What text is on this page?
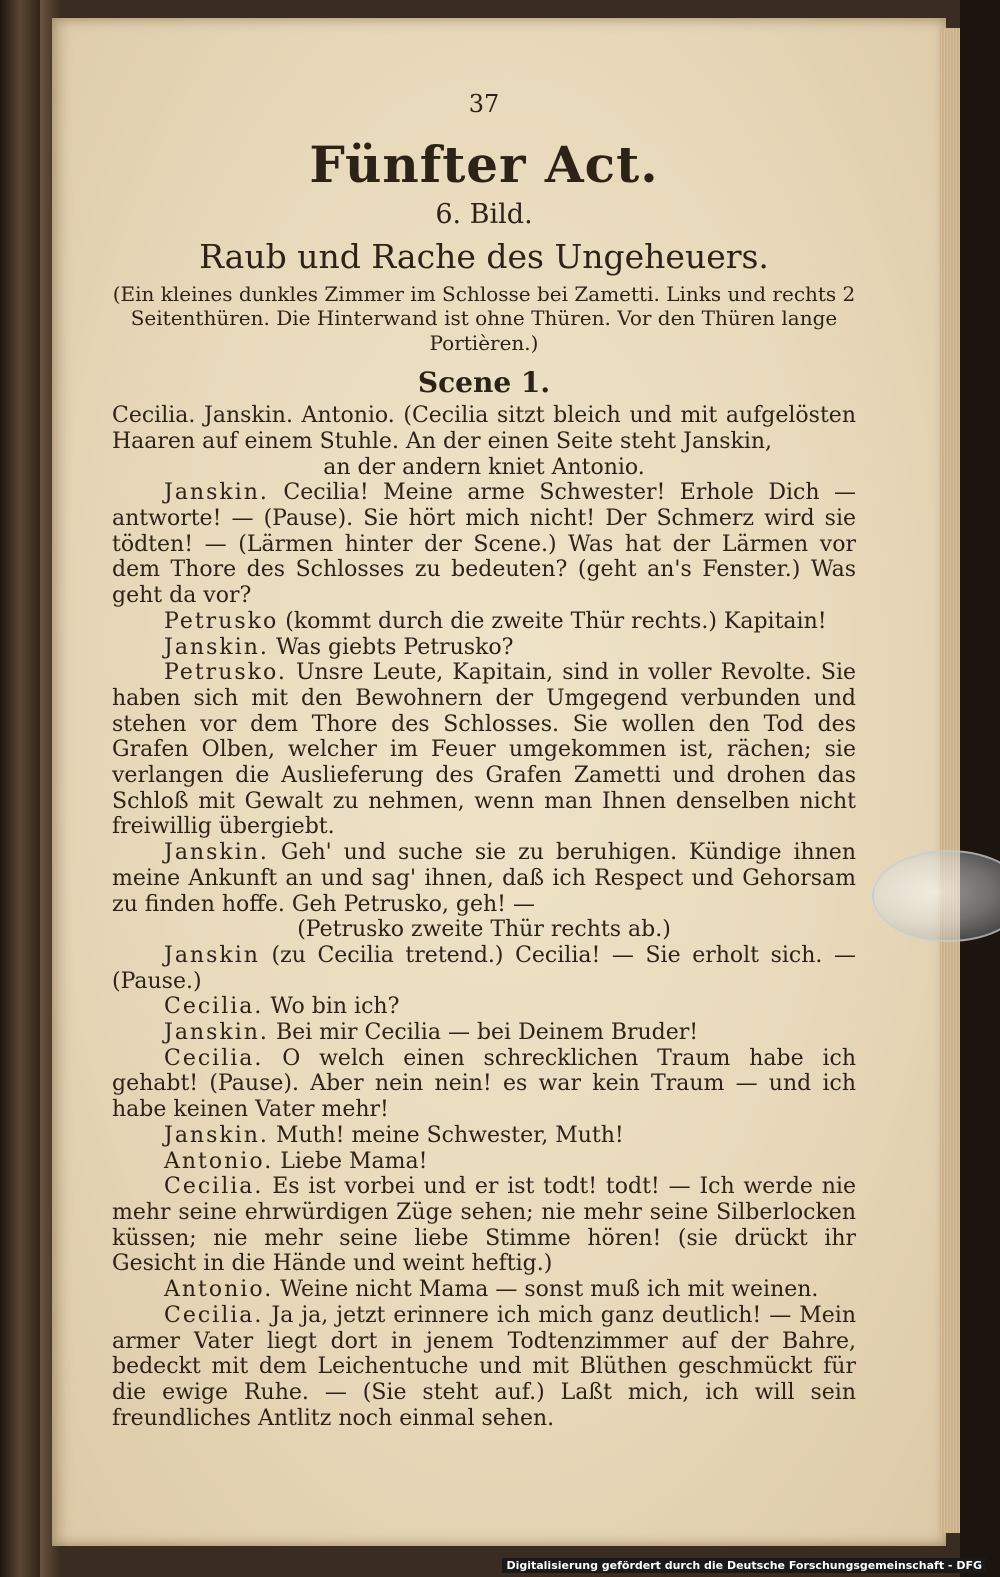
37
Fünfter Act.
6. Bild.
Raub und Rache des Ungeheuers.
(Ein kleines dunkles Zimmer im Schlosse bei Zametti. Links und rechts 2 Seitenthüren. Die Hinterwand ist ohne Thüren. Vor den Thüren lange Portièren.)
Scene 1.

Cecilia. Janskin. Antonio. (Cecilia sitzt bleich und mit aufgelösten Haaren auf einem Stuhle. An der einen Seite steht Janskin,

an der andern kniet Antonio.

Janskin. Cecilia! Meine arme Schwester! Erhole Dich — antworte! — (Pause). Sie hört mich nicht! Der Schmerz wird sie tödten! — (Lärmen hinter der Scene.) Was hat der Lärmen vor dem Thore des Schlosses zu bedeuten? (geht an's Fenster.) Was geht da vor?

Petrusko (kommt durch die zweite Thür rechts.) Kapitain!

Janskin. Was giebts Petrusko?

Petrusko. Unsre Leute, Kapitain, sind in voller Revolte. Sie haben sich mit den Bewohnern der Umgegend verbunden und stehen vor dem Thore des Schlosses. Sie wollen den Tod des Grafen Olben, welcher im Feuer umgekommen ist, rächen; sie verlangen die Auslieferung des Grafen Zametti und drohen das Schloß mit Gewalt zu nehmen, wenn man Ihnen denselben nicht freiwillig übergiebt.

Janskin. Geh' und suche sie zu beruhigen. Kündige ihnen meine Ankunft an und sag' ihnen, daß ich Respect und Gehorsam zu finden hoffe. Geh Petrusko, geh! —

(Petrusko zweite Thür rechts ab.)

Janskin (zu Cecilia tretend.) Cecilia! — Sie erholt sich. — (Pause.)

Cecilia. Wo bin ich?

Janskin. Bei mir Cecilia — bei Deinem Bruder!

Cecilia. O welch einen schrecklichen Traum habe ich gehabt! (Pause). Aber nein nein! es war kein Traum — und ich habe keinen Vater mehr!

Janskin. Muth! meine Schwester, Muth!

Antonio. Liebe Mama!

Cecilia. Es ist vorbei und er ist todt! todt! — Ich werde nie mehr seine ehrwürdigen Züge sehen; nie mehr seine Silberlocken küssen; nie mehr seine liebe Stimme hören! (sie drückt ihr Gesicht in die Hände und weint heftig.)

Antonio. Weine nicht Mama — sonst muß ich mit weinen.

Cecilia. Ja ja, jetzt erinnere ich mich ganz deutlich! — Mein armer Vater liegt dort in jenem Todtenzimmer auf der Bahre, bedeckt mit dem Leichentuche und mit Blüthen geschmückt für die ewige Ruhe. — (Sie steht auf.) Laßt mich, ich will sein freundliches Antlitz noch einmal sehen.

Digitalisierung gefördert durch die Deutsche Forschungsgemeinschaft - DFG
